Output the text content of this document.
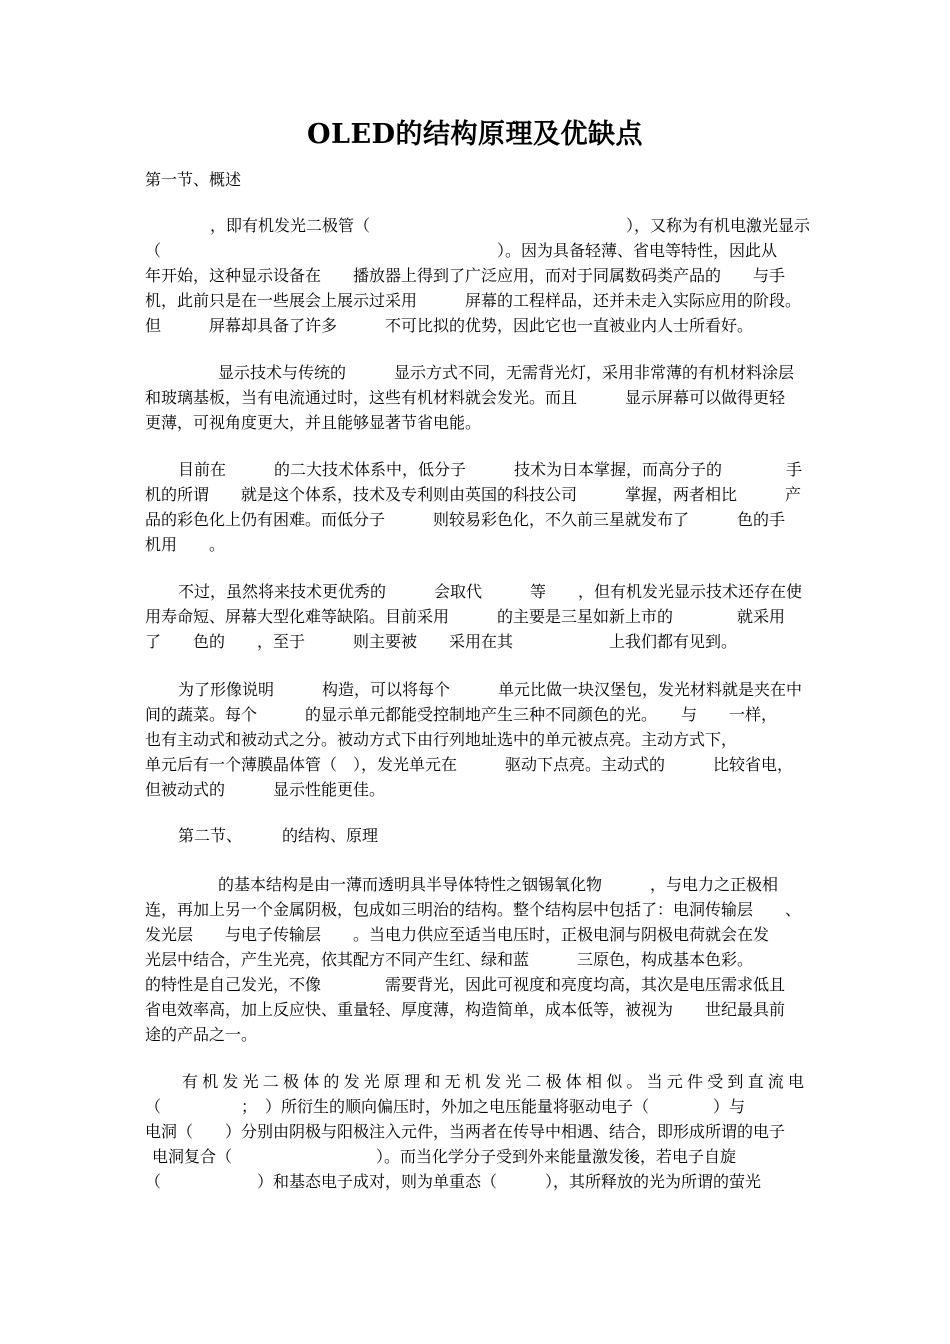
OLED的结构原理及优缺点
第一节、概述
，即有机发光二极管（　　　　　　　　　　　　　　　　），又称为有机电激光显示
（　　　　　　　　　　　　　　　　　　　　　）。因为具备轻薄、省电等特性，因此从
年开始，这种显示设备在　　播放器上得到了广泛应用，而对于同属数码类产品的　　与手
机，此前只是在一些展会上展示过采用　　　屏幕的工程样品，还并未走入实际应用的阶段。
但　　　屏幕却具备了许多　　　不可比拟的优势，因此它也一直被业内人士所看好。
显示技术与传统的　　　显示方式不同，无需背光灯，采用非常薄的有机材料涂层
和玻璃基板，当有电流通过时，这些有机材料就会发光。而且　　　显示屏幕可以做得更轻
更薄，可视角度更大，并且能够显著节省电能。
目前在　　　的二大技术体系中，低分子　　　技术为日本掌握，而高分子的　　　　手
机的所谓　　就是这个体系，技术及专利则由英国的科技公司　　　掌握，两者相比　　　产
品的彩色化上仍有困难。而低分子　　　则较易彩色化，不久前三星就发布了　　　色的手
机用　　。
不过，虽然将来技术更优秀的　　　会取代　　　等　　，但有机发光显示技术还存在使
用寿命短、屏幕大型化难等缺陷。目前采用　　　的主要是三星如新上市的　　　　就采用
了　　色的　　，至于　　　则主要被　　采用在其　　　　　　上我们都有见到。
为了形像说明　　　构造，可以将每个　　　单元比做一块汉堡包，发光材料就是夹在中
间的蔬菜。每个　　　的显示单元都能受控制地产生三种不同颜色的光。　　与　　一样，
也有主动式和被动式之分。被动方式下由行列地址选中的单元被点亮。主动方式下，
单元后有一个薄膜晶体管（　），发光单元在　　　驱动下点亮。主动式的　　　比较省电，
但被动式的　　　显示性能更佳。
第二节、　　　的结构、原理
的基本结构是由一薄而透明具半导体特性之铟锡氧化物　　　，与电力之正极相
连，再加上另一个金属阴极，包成如三明治的结构。整个结构层中包括了：电洞传输层　　、
发光层　　与电子传输层　　。当电力供应至适当电压时，正极电洞与阴极电荷就会在发
光层中结合，产生光亮，依其配方不同产生红、绿和蓝　　　三原色，构成基本色彩。
的特性是自己发光，不像　　　　需要背光，因此可视度和亮度均高，其次是电压需求低且
省电效率高，加上反应快、重量轻、厚度薄，构造简单，成本低等，被视为　　世纪最具前
途的产品之一。
有机发光二极体的发光原理和无机发光二极体相似。当元件受到直流电
（　　　　　；　）所衍生的顺向偏压时，外加之电压能量将驱动电子（　　　　）与
电洞（　　）分别由阴极与阳极注入元件，当两者在传导中相遇、结合，即形成所谓的电子
电洞复合（　　　　　　　　　）。而当化学分子受到外来能量激发後，若电子自旋
（　　　　　　）和基态电子成对，则为单重态（　　　），其所释放的光为所谓的萤光
